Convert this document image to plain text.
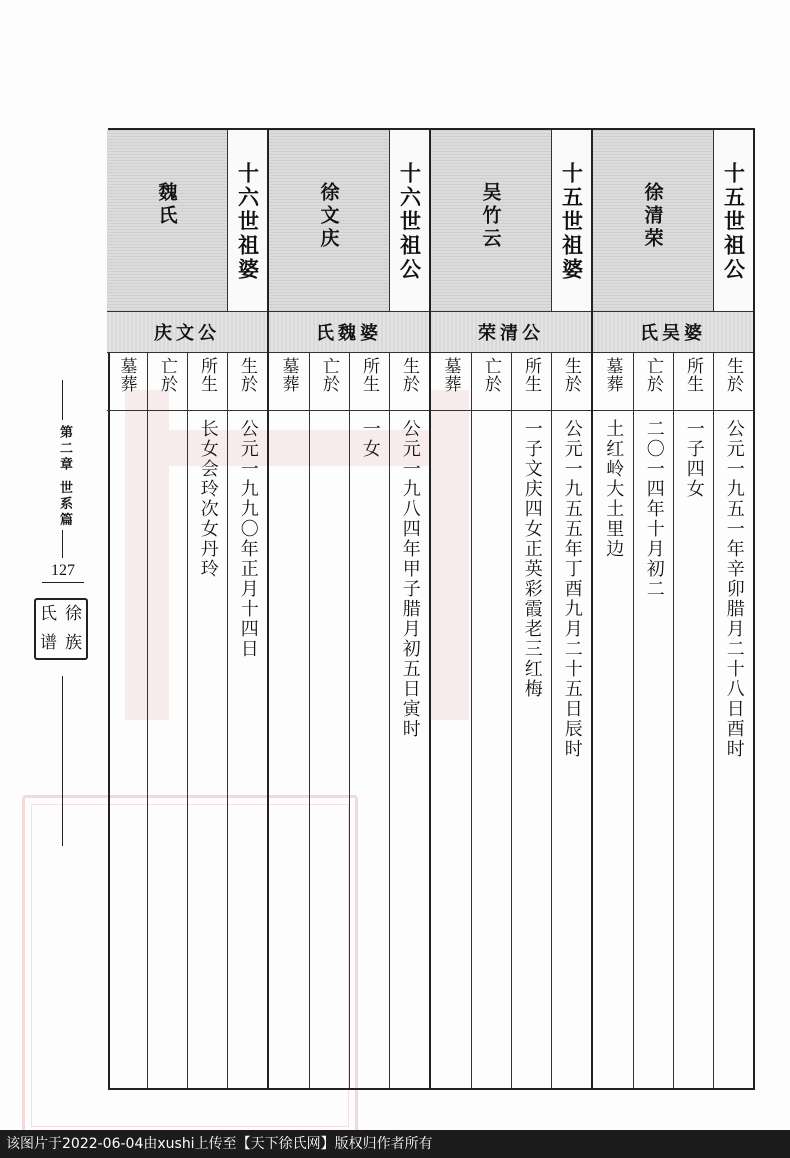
第二章 世系篇
127
氏 徐
谱 族
十五世祖公
徐清荣
氏吴婆
生於
公元一九五一年辛卯腊月二十八日酉时
所生
一子四女
亡於
二〇一四年十月初二
墓葬
土红岭大土里边
十五世祖婆
吴竹云
荣清公
生於
公元一九五五年丁酉九月二十五日辰时
所生
一子文庆四女正英彩霞老三红梅
亡於
墓葬
十六世祖公
徐文庆
氏魏婆
生於
公元一九八四年甲子腊月初五日寅时
所生
一女
亡於
墓葬
十六世祖婆
魏氏
庆文公
生於
公元一九九〇年正月十四日
所生
长女会玲次女丹玲
亡於
墓葬
该图片于2022-06-04由xushi上传至【天下徐氏网】版权归作者所有
